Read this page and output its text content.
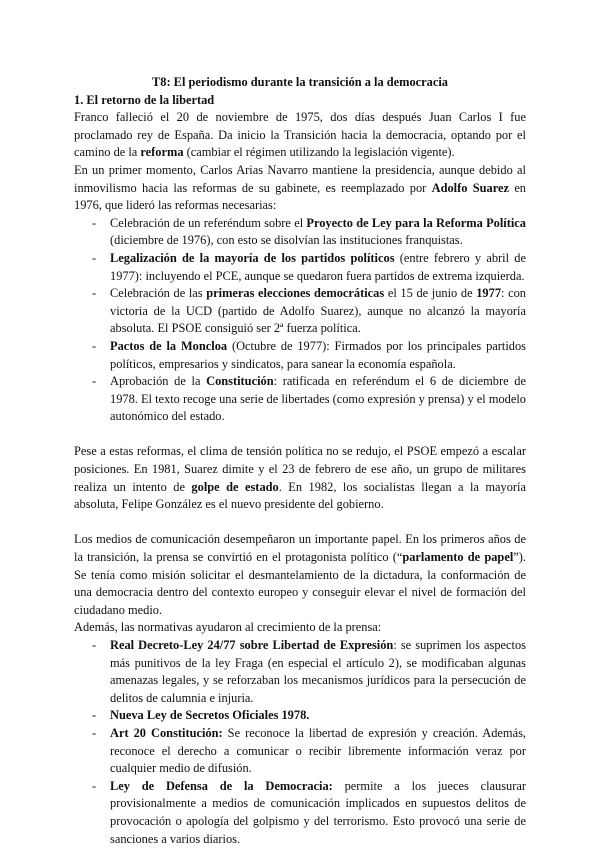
T8: El periodismo durante la transición a la democracia

1. El retorno de la libertad

Franco falleció el 20 de noviembre de 1975, dos días después Juan Carlos I fue proclamado rey de España. Da inicio la Transición hacia la democracia, optando por el camino de la reforma (cambiar el régimen utilizando la legislación vigente).

En un primer momento, Carlos Arias Navarro mantiene la presidencia, aunque debido al inmovilismo hacia las reformas de su gabinete, es reemplazado por Adolfo Suarez en 1976, que lideró las reformas necesarias:

- Celebración de un referéndum sobre el Proyecto de Ley para la Reforma Política (diciembre de 1976), con esto se disolvían las instituciones franquistas.
- Legalización de la mayoría de los partidos políticos (entre febrero y abril de 1977): incluyendo el PCE, aunque se quedaron fuera partidos de extrema izquierda.
- Celebración de las primeras elecciones democráticas el 15 de junio de 1977: con victoria de la UCD (partido de Adolfo Suarez), aunque no alcanzó la mayoría absoluta. El PSOE consiguió ser 2ª fuerza política.
- Pactos de la Moncloa (Octubre de 1977): Firmados por los principales partidos políticos, empresarios y sindicatos, para sanear la economía española.
- Aprobación de la Constitución: ratificada en referéndum el 6 de diciembre de 1978. El texto recoge una serie de libertades (como expresión y prensa) y el modelo autonómico del estado.

Pese a estas reformas, el clima de tensión política no se redujo, el PSOE empezó a escalar posiciones. En 1981, Suarez dimite y el 23 de febrero de ese año, un grupo de militares realiza un intento de golpe de estado. En 1982, los socialistas llegan a la mayoría absoluta, Felipe González es el nuevo presidente del gobierno.

Los medios de comunicación desempeñaron un importante papel. En los primeros años de la transición, la prensa se convirtió en el protagonista político (“parlamento de papel”). Se tenía como misión solicitar el desmantelamiento de la dictadura, la conformación de una democracia dentro del contexto europeo y conseguir elevar el nivel de formación del ciudadano medio.

Además, las normativas ayudaron al crecimiento de la prensa:

- Real Decreto-Ley 24/77 sobre Libertad de Expresión: se suprimen los aspectos más punitivos de la ley Fraga (en especial el artículo 2), se modificaban algunas amenazas legales, y se reforzaban los mecanismos jurídicos para la persecución de delitos de calumnia e injuria.
- Nueva Ley de Secretos Oficiales 1978.
- Art 20 Constitución: Se reconoce la libertad de expresión y creación. Además, reconoce el derecho a comunicar o recibir libremente información veraz por cualquier medio de difusión.
- Ley de Defensa de la Democracia: permite a los jueces clausurar provisionalmente a medios de comunicación implicados en supuestos delitos de provocación o apología del golpismo y del terrorismo. Esto provocó una serie de sanciones a varios diarios.
